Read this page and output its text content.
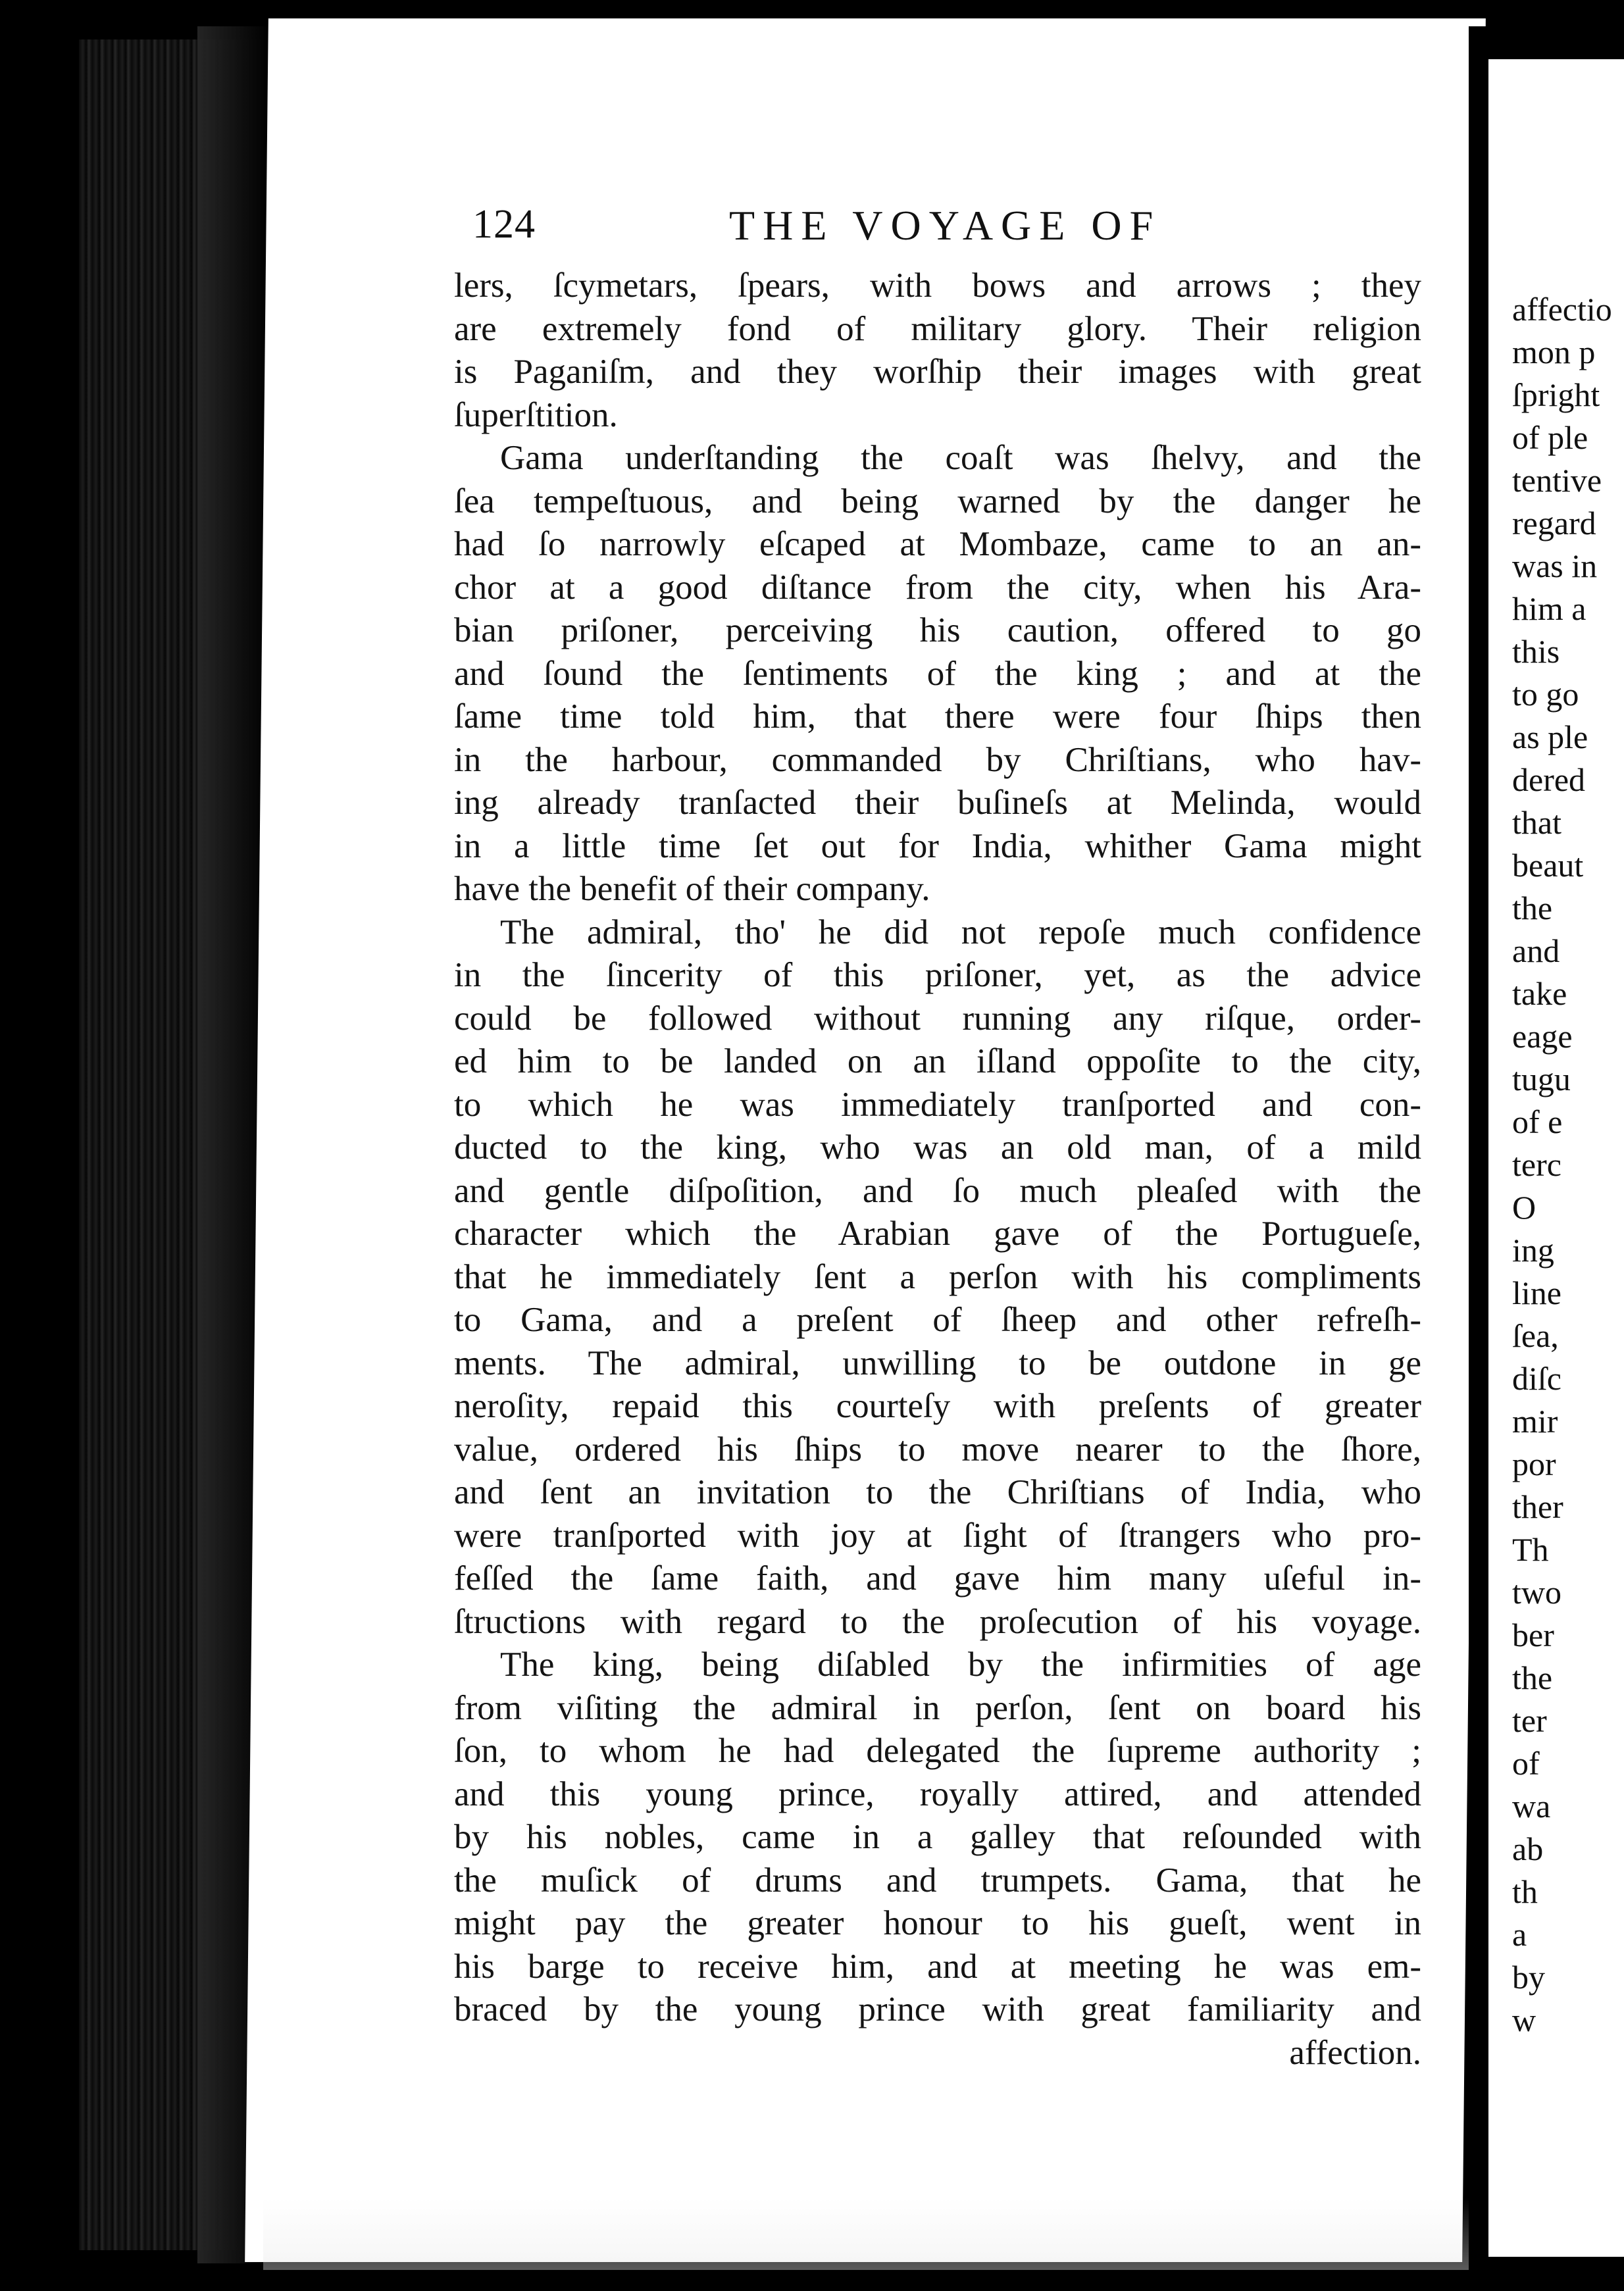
124	THE VOYAGE OF
lers, ſcymetars, ſpears, with bows and arrows ; they
are extremely fond of military glory. Their religion
is Paganiſm, and they worſhip their images with great
ſuperſtition.
Gama underſtanding the coaſt was ſhelvy, and the
ſea tempeſtuous, and being warned by the danger he
had ſo narrowly eſcaped at Mombaze, came to an an-
chor at a good diſtance from the city, when his Ara-
bian priſoner, perceiving his caution, offered to go
and ſound the ſentiments of the king ; and at the
ſame time told him, that there were four ſhips then
in the harbour, commanded by Chriſtians, who hav-
ing already tranſacted their buſineſs at Melinda, would
in a little time ſet out for India, whither Gama might
have the benefit of their company.
The admiral, tho' he did not repoſe much confidence
in the ſincerity of this priſoner, yet, as the advice
could be followed without running any riſque, order-
ed him to be landed on an iſland oppoſite to the city,
to which he was immediately tranſported and con-
ducted to the king, who was an old man, of a mild
and gentle diſpoſition, and ſo much pleaſed with the
character which the Arabian gave of the Portugueſe,
that he immediately ſent a perſon with his compliments
to Gama, and a preſent of ſheep and other refreſh-
ments. The admiral, unwilling to be outdone in ge
neroſity, repaid this courteſy with preſents of greater
value, ordered his ſhips to move nearer to the ſhore,
and ſent an invitation to the Chriſtians of India, who
were tranſported with joy at ſight of ſtrangers who pro-
feſſed the ſame faith, and gave him many uſeful in-
ſtructions with regard to the proſecution of his voyage.
The king, being diſabled by the infirmities of age
from viſiting the admiral in perſon, ſent on board his
ſon, to whom he had delegated the ſupreme authority ;
and this young prince, royally attired, and attended
by his nobles, came in a galley that reſounded with
the muſick of drums and trumpets. Gama, that he
might pay the greater honour to his gueſt, went in
his barge to receive him, and at meeting he was em-
braced by the young prince with great familiarity and
affection.
affectio
mon p
ſpright
of ple
tentive
regard
was in
him a
this
to go
as ple
dered
that
beaut
the
and
take
eage
tugu
of e
terc
O
ing
line
ſea,
diſc
mir
por
ther
Th
two
ber
the
ter
of
wa
ab
th
a
by
w
